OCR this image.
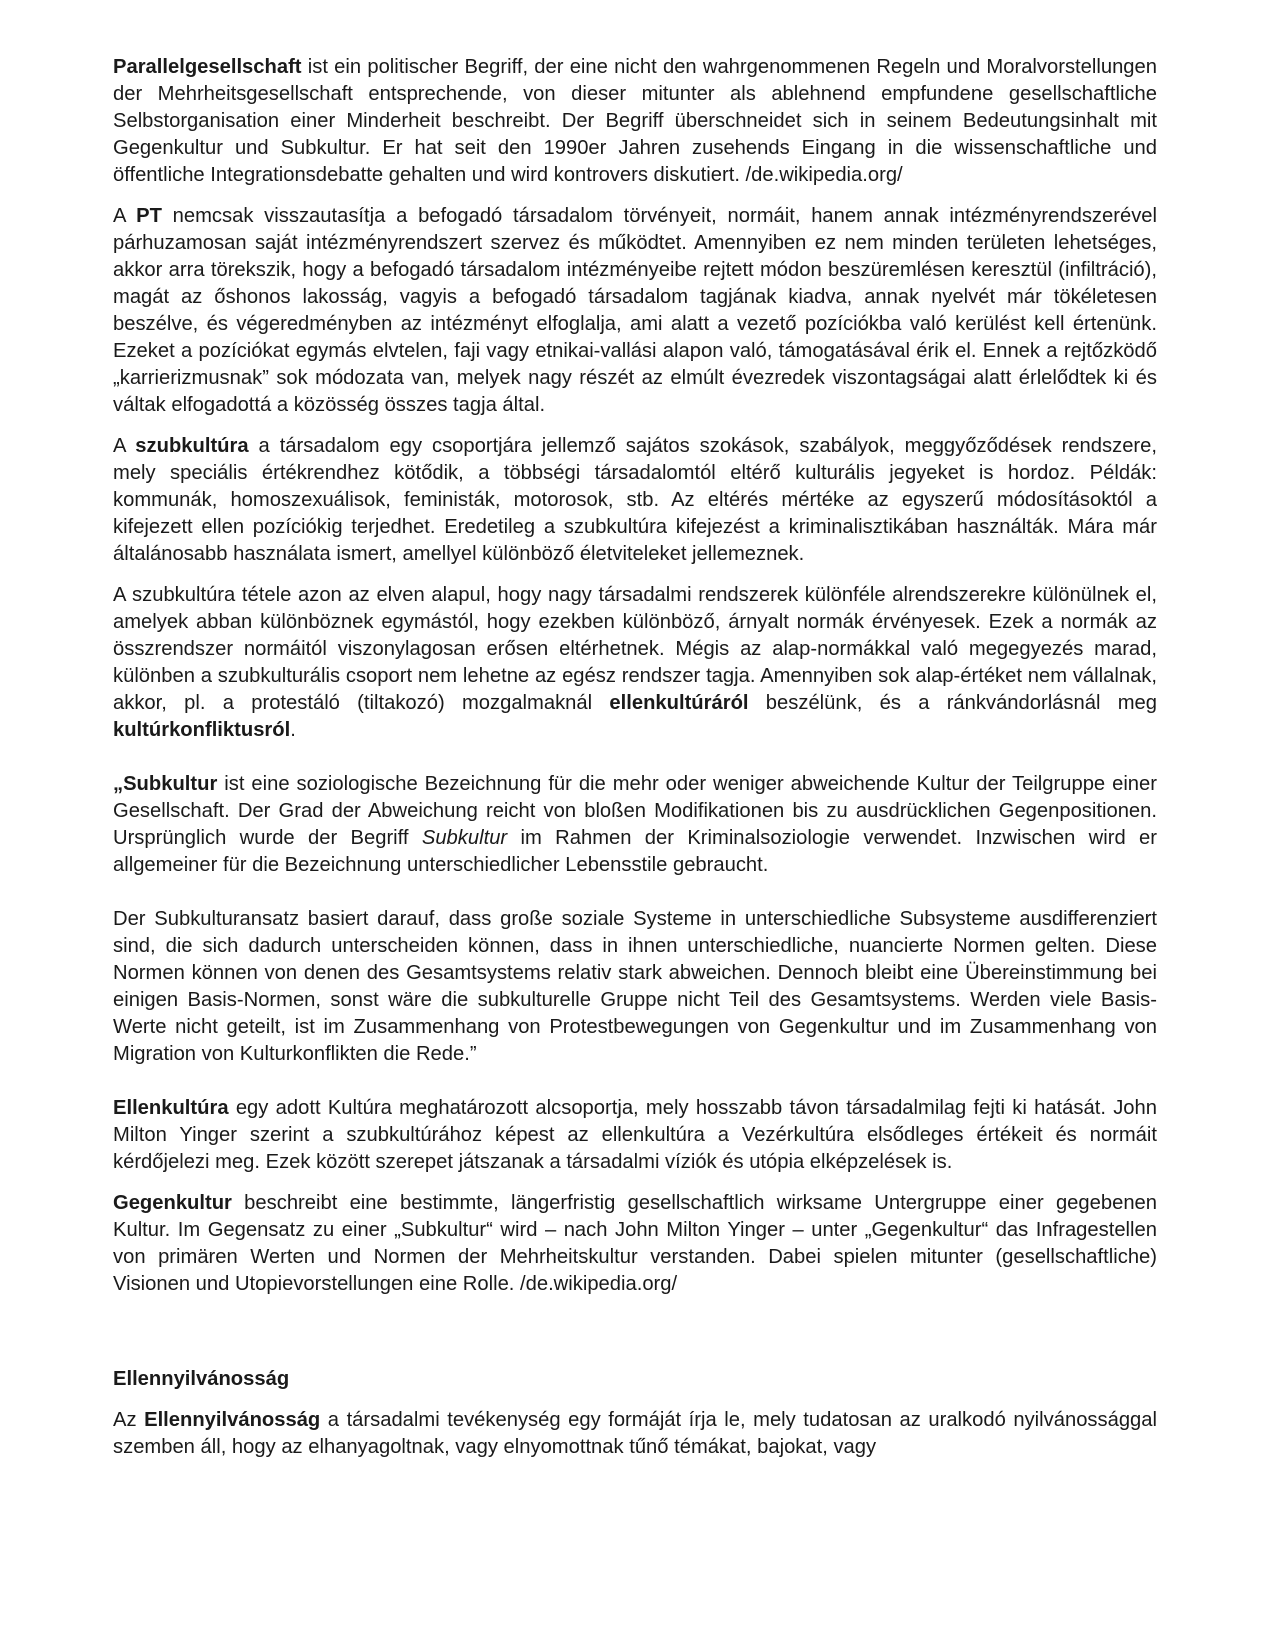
Parallelgesellschaft ist ein politischer Begriff, der eine nicht den wahrgenommenen Regeln und Moralvorstellungen der Mehrheitsgesellschaft entsprechende, von dieser mitunter als ablehnend empfundene gesellschaftliche Selbstorganisation einer Minderheit beschreibt. Der Begriff überschneidet sich in seinem Bedeutungsinhalt mit Gegenkultur und Subkultur. Er hat seit den 1990er Jahren zusehends Eingang in die wissenschaftliche und öffentliche Integrationsdebatte gehalten und wird kontrovers diskutiert. /de.wikipedia.org/

A PT nemcsak visszautasítja a befogadó társadalom törvényeit, normáit, hanem annak intézményrendszerével párhuzamosan saját intézményrendszert szervez és működtet. Amennyiben ez nem minden területen lehetséges, akkor arra törekszik, hogy a befogadó társadalom intézményeibe rejtett módon beszüremlésen keresztül (infiltráció), magát az őshonos lakosság, vagyis a befogadó társadalom tagjának kiadva, annak nyelvét már tökéletesen beszélve, és végeredményben az intézményt elfoglalja, ami alatt a vezető pozíciókba való kerülést kell értenünk. Ezeket a pozíciókat egymás elvtelen, faji vagy etnikai-vallási alapon való, támogatásával érik el. Ennek a rejtőzködő „karrierizmusnak” sok módozata van, melyek nagy részét az elmúlt évezredek viszontagságai alatt érlelődtek ki és váltak elfogadottá a közösség összes tagja által.

A szubkultúra a társadalom egy csoportjára jellemző sajátos szokások, szabályok, meggyőződések rendszere, mely speciális értékrendhez kötődik, a többségi társadalomtól eltérő kulturális jegyeket is hordoz. Példák: kommunák, homoszexuálisok, feministák, motorosok, stb. Az eltérés mértéke az egyszerű módosításoktól a kifejezett ellen pozíciókig terjedhet. Eredetileg a szubkultúra kifejezést a kriminalisztikában használták. Mára már általánosabb használata ismert, amellyel különböző életviteleket jellemeznek.

A szubkultúra tétele azon az elven alapul, hogy nagy társadalmi rendszerek különféle alrendszerekre különülnek el, amelyek abban különböznek egymástól, hogy ezekben különböző, árnyalt normák érvényesek. Ezek a normák az összrendszer normáitól viszonylagosan erősen eltérhetnek. Mégis az alap-normákkal való megegyezés marad, különben a szubkulturális csoport nem lehetne az egész rendszer tagja. Amennyiben sok alap-értéket nem vállalnak, akkor, pl. a protestáló (tiltakozó) mozgalmaknál ellenkultúráról beszélünk, és a ránkvándorlásnál meg kultúrkonfliktusról.

„Subkultur ist eine soziologische Bezeichnung für die mehr oder weniger abweichende Kultur der Teilgruppe einer Gesellschaft. Der Grad der Abweichung reicht von bloßen Modifikationen bis zu ausdrücklichen Gegenpositionen. Ursprünglich wurde der Begriff Subkultur im Rahmen der Kriminalsoziologie verwendet. Inzwischen wird er allgemeiner für die Bezeichnung unterschiedlicher Lebensstile gebraucht.

Der Subkulturansatz basiert darauf, dass große soziale Systeme in unterschiedliche Subsysteme ausdifferenziert sind, die sich dadurch unterscheiden können, dass in ihnen unterschiedliche, nuancierte Normen gelten. Diese Normen können von denen des Gesamtsystems relativ stark abweichen. Dennoch bleibt eine Übereinstimmung bei einigen Basis-Normen, sonst wäre die subkulturelle Gruppe nicht Teil des Gesamtsystems. Werden viele Basis-Werte nicht geteilt, ist im Zusammenhang von Protestbewegungen von Gegenkultur und im Zusammenhang von Migration von Kulturkonflikten die Rede.”

Ellenkultúra egy adott Kultúra meghatározott alcsoportja, mely hosszabb távon társadalmilag fejti ki hatását. John Milton Yinger szerint a szubkultúrához képest az ellenkultúra a Vezérkultúra elsődleges értékeit és normáit kérdőjelezi meg. Ezek között szerepet játszanak a társadalmi víziók és utópia elképzelések is.

Gegenkultur beschreibt eine bestimmte, längerfristig gesellschaftlich wirksame Untergruppe einer gegebenen Kultur. Im Gegensatz zu einer „Subkultur“ wird – nach John Milton Yinger – unter „Gegenkultur“ das Infragestellen von primären Werten und Normen der Mehrheitskultur verstanden. Dabei spielen mitunter (gesellschaftliche) Visionen und Utopievorstellungen eine Rolle. /de.wikipedia.org/

Ellennyilvánosság

Az Ellennyilvánosság a társadalmi tevékenység egy formáját írja le, mely tudatosan az uralkodó nyilvánossággal szemben áll, hogy az elhanyagoltnak, vagy elnyomottnak tűnő témákat, bajokat, vagy
